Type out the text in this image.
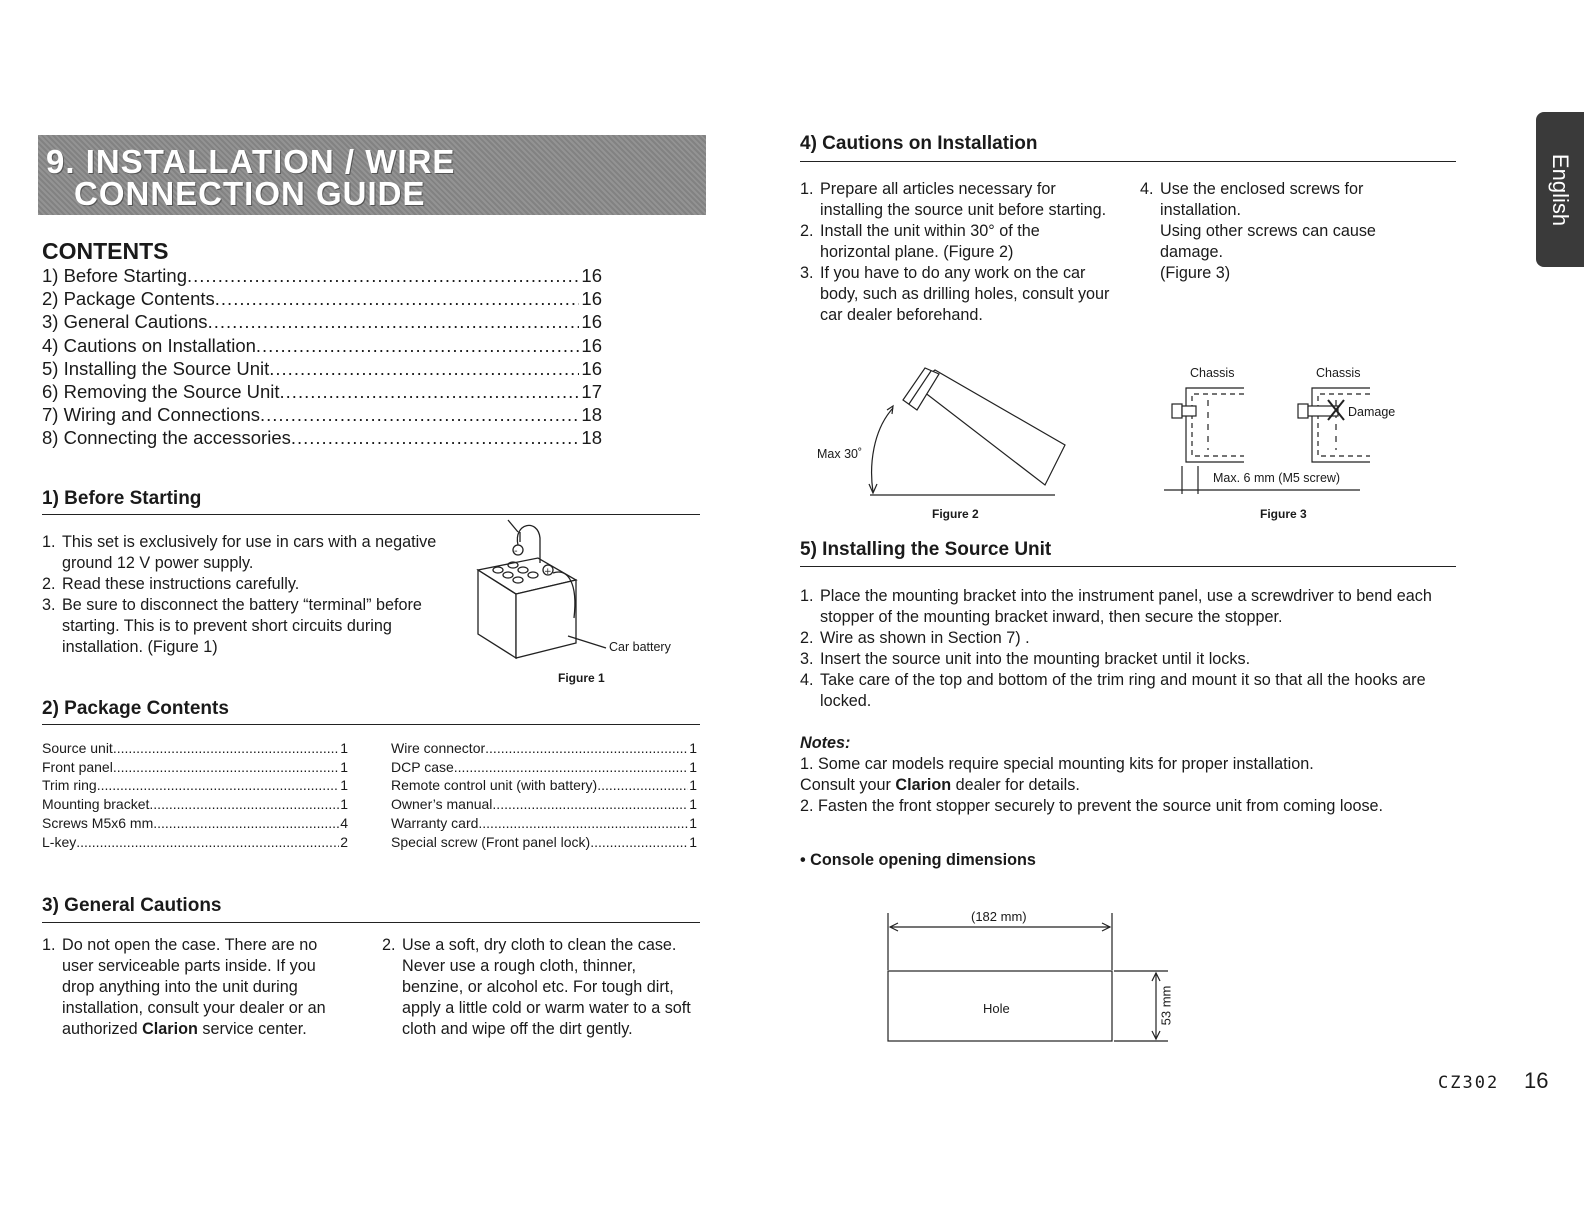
English
9. INSTALLATION / WIRE
CONNECTION GUIDE
CONTENTS
1) Before Starting .....	16
2) Package Contents .....	16
3) General Cautions .....	16
4) Cautions on Installation .....	16
5) Installing the Source Unit .....	16
6) Removing the Source Unit .....	17
7) Wiring and Connections .....	18
8) Connecting the accessories .....	18
1) Before Starting
1. This set is exclusively for use in cars with a negative ground 12 V power supply.
2. Read these instructions carefully.
3. Be sure to disconnect the battery “terminal” before starting. This is to prevent short circuits during installation. (Figure 1)
-
+
Car battery
Figure 1
2) Package Contents
Source unit .....	1
Front panel .....	1
Trim ring .....	1
Mounting bracket .....	1
Screws M5x6 mm .....	4
L-key .....	2
Wire connector .....	1
DCP case .....	1
Remote control unit (with battery) .....	1
Owner’s manual .....	1
Warranty card .....	1
Special screw (Front panel lock) .....	1
3) General Cautions
1. Do not open the case. There are no user serviceable parts inside. If you drop anything into the unit during installation, consult your dealer or an authorized Clarion service center.
2. Use a soft, dry cloth to clean the case. Never use a rough cloth, thinner, benzine, or alcohol etc. For tough dirt, apply a little cold or warm water to a soft cloth and wipe off the dirt gently.
4) Cautions on Installation
1. Prepare all articles necessary for installing the source unit before starting.
2. Install the unit within 30° of the horizontal plane. (Figure 2)
3. If you have to do any work on the car body, such as drilling holes, consult your car dealer beforehand.
4. Use the enclosed screws for installation.
Using other screws can cause damage.
(Figure 3)
Max 30˚
Figure 2
Chassis	Chassis
Damage
Max. 6 mm (M5 screw)
Figure 3
5) Installing the Source Unit
1. Place the mounting bracket into the instrument panel, use a screwdriver to bend each stopper of the mounting bracket inward, then secure the stopper.
2. Wire as shown in Section 7) .
3. Insert the source unit into the mounting bracket until it locks.
4. Take care of the top and bottom of the trim ring and mount it so that all the hooks are locked.
Notes:
1. Some car models require special mounting kits for proper installation.
Consult your Clarion dealer for details.
2. Fasten the front stopper securely to prevent the source unit from coming loose.
• Console opening dimensions
(182 mm)
Hole	53 mm
CZ302 16
